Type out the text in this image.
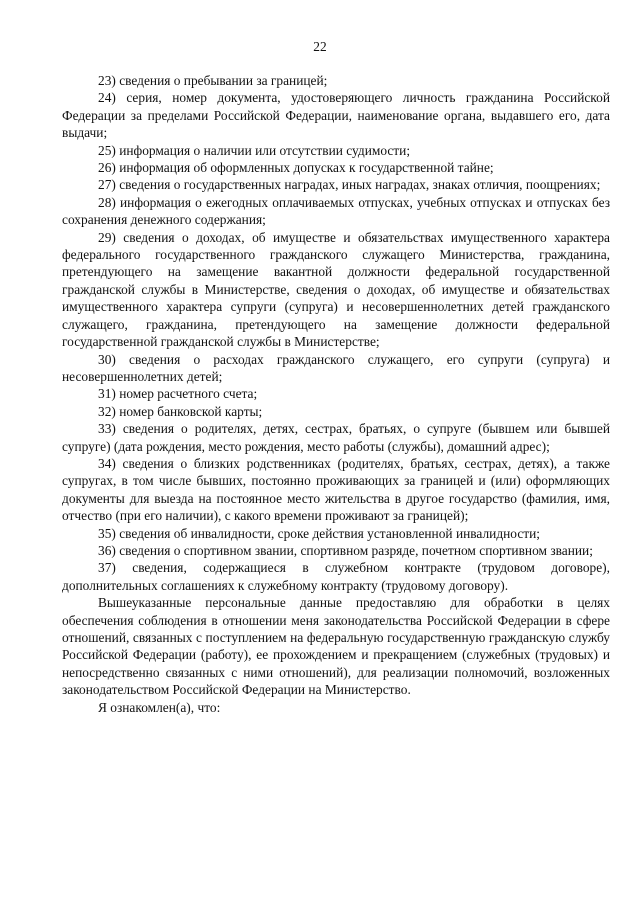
22

23) сведения о пребывании за границей;

24) серия, номер документа, удостоверяющего личность гражданина Российской Федерации за пределами Российской Федерации, наименование органа, выдавшего его, дата выдачи;

25) информация о наличии или отсутствии судимости;

26) информация об оформленных допусках к государственной тайне;

27) сведения о государственных наградах, иных наградах, знаках отличия, поощрениях;

28) информация о ежегодных оплачиваемых отпусках, учебных отпусках и отпусках без сохранения денежного содержания;

29) сведения о доходах, об имуществе и обязательствах имущественного характера федерального государственного гражданского служащего Министерства, гражданина, претендующего на замещение вакантной должности федеральной государственной гражданской службы в Министерстве, сведения о доходах, об имуществе и обязательствах имущественного характера супруги (супруга) и несовершеннолетних детей гражданского служащего, гражданина, претендующего на замещение должности федеральной государственной гражданской службы в Министерстве;

30) сведения о расходах гражданского служащего, его супруги (супруга) и несовершеннолетних детей;

31) номер расчетного счета;

32) номер банковской карты;

33) сведения о родителях, детях, сестрах, братьях, о супруге (бывшем или бывшей супруге) (дата рождения, место рождения, место работы (службы), домашний адрес);

34) сведения о близких родственниках (родителях, братьях, сестрах, детях), а также супругах, в том числе бывших, постоянно проживающих за границей и (или) оформляющих документы для выезда на постоянное место жительства в другое государство (фамилия, имя, отчество (при его наличии), с какого времени проживают за границей);

35) сведения об инвалидности, сроке действия установленной инвалидности;

36) сведения о спортивном звании, спортивном разряде, почетном спортивном звании;

37) сведения, содержащиеся в служебном контракте (трудовом договоре), дополнительных соглашениях к служебному контракту (трудовому договору).

Вышеуказанные персональные данные предоставляю для обработки в целях обеспечения соблюдения в отношении меня законодательства Российской Федерации в сфере отношений, связанных с поступлением на федеральную государственную гражданскую службу Российской Федерации (работу), ее прохождением и прекращением (служебных (трудовых) и непосредственно связанных с ними отношений), для реализации полномочий, возложенных законодательством Российской Федерации на Министерство.

Я ознакомлен(а), что:
